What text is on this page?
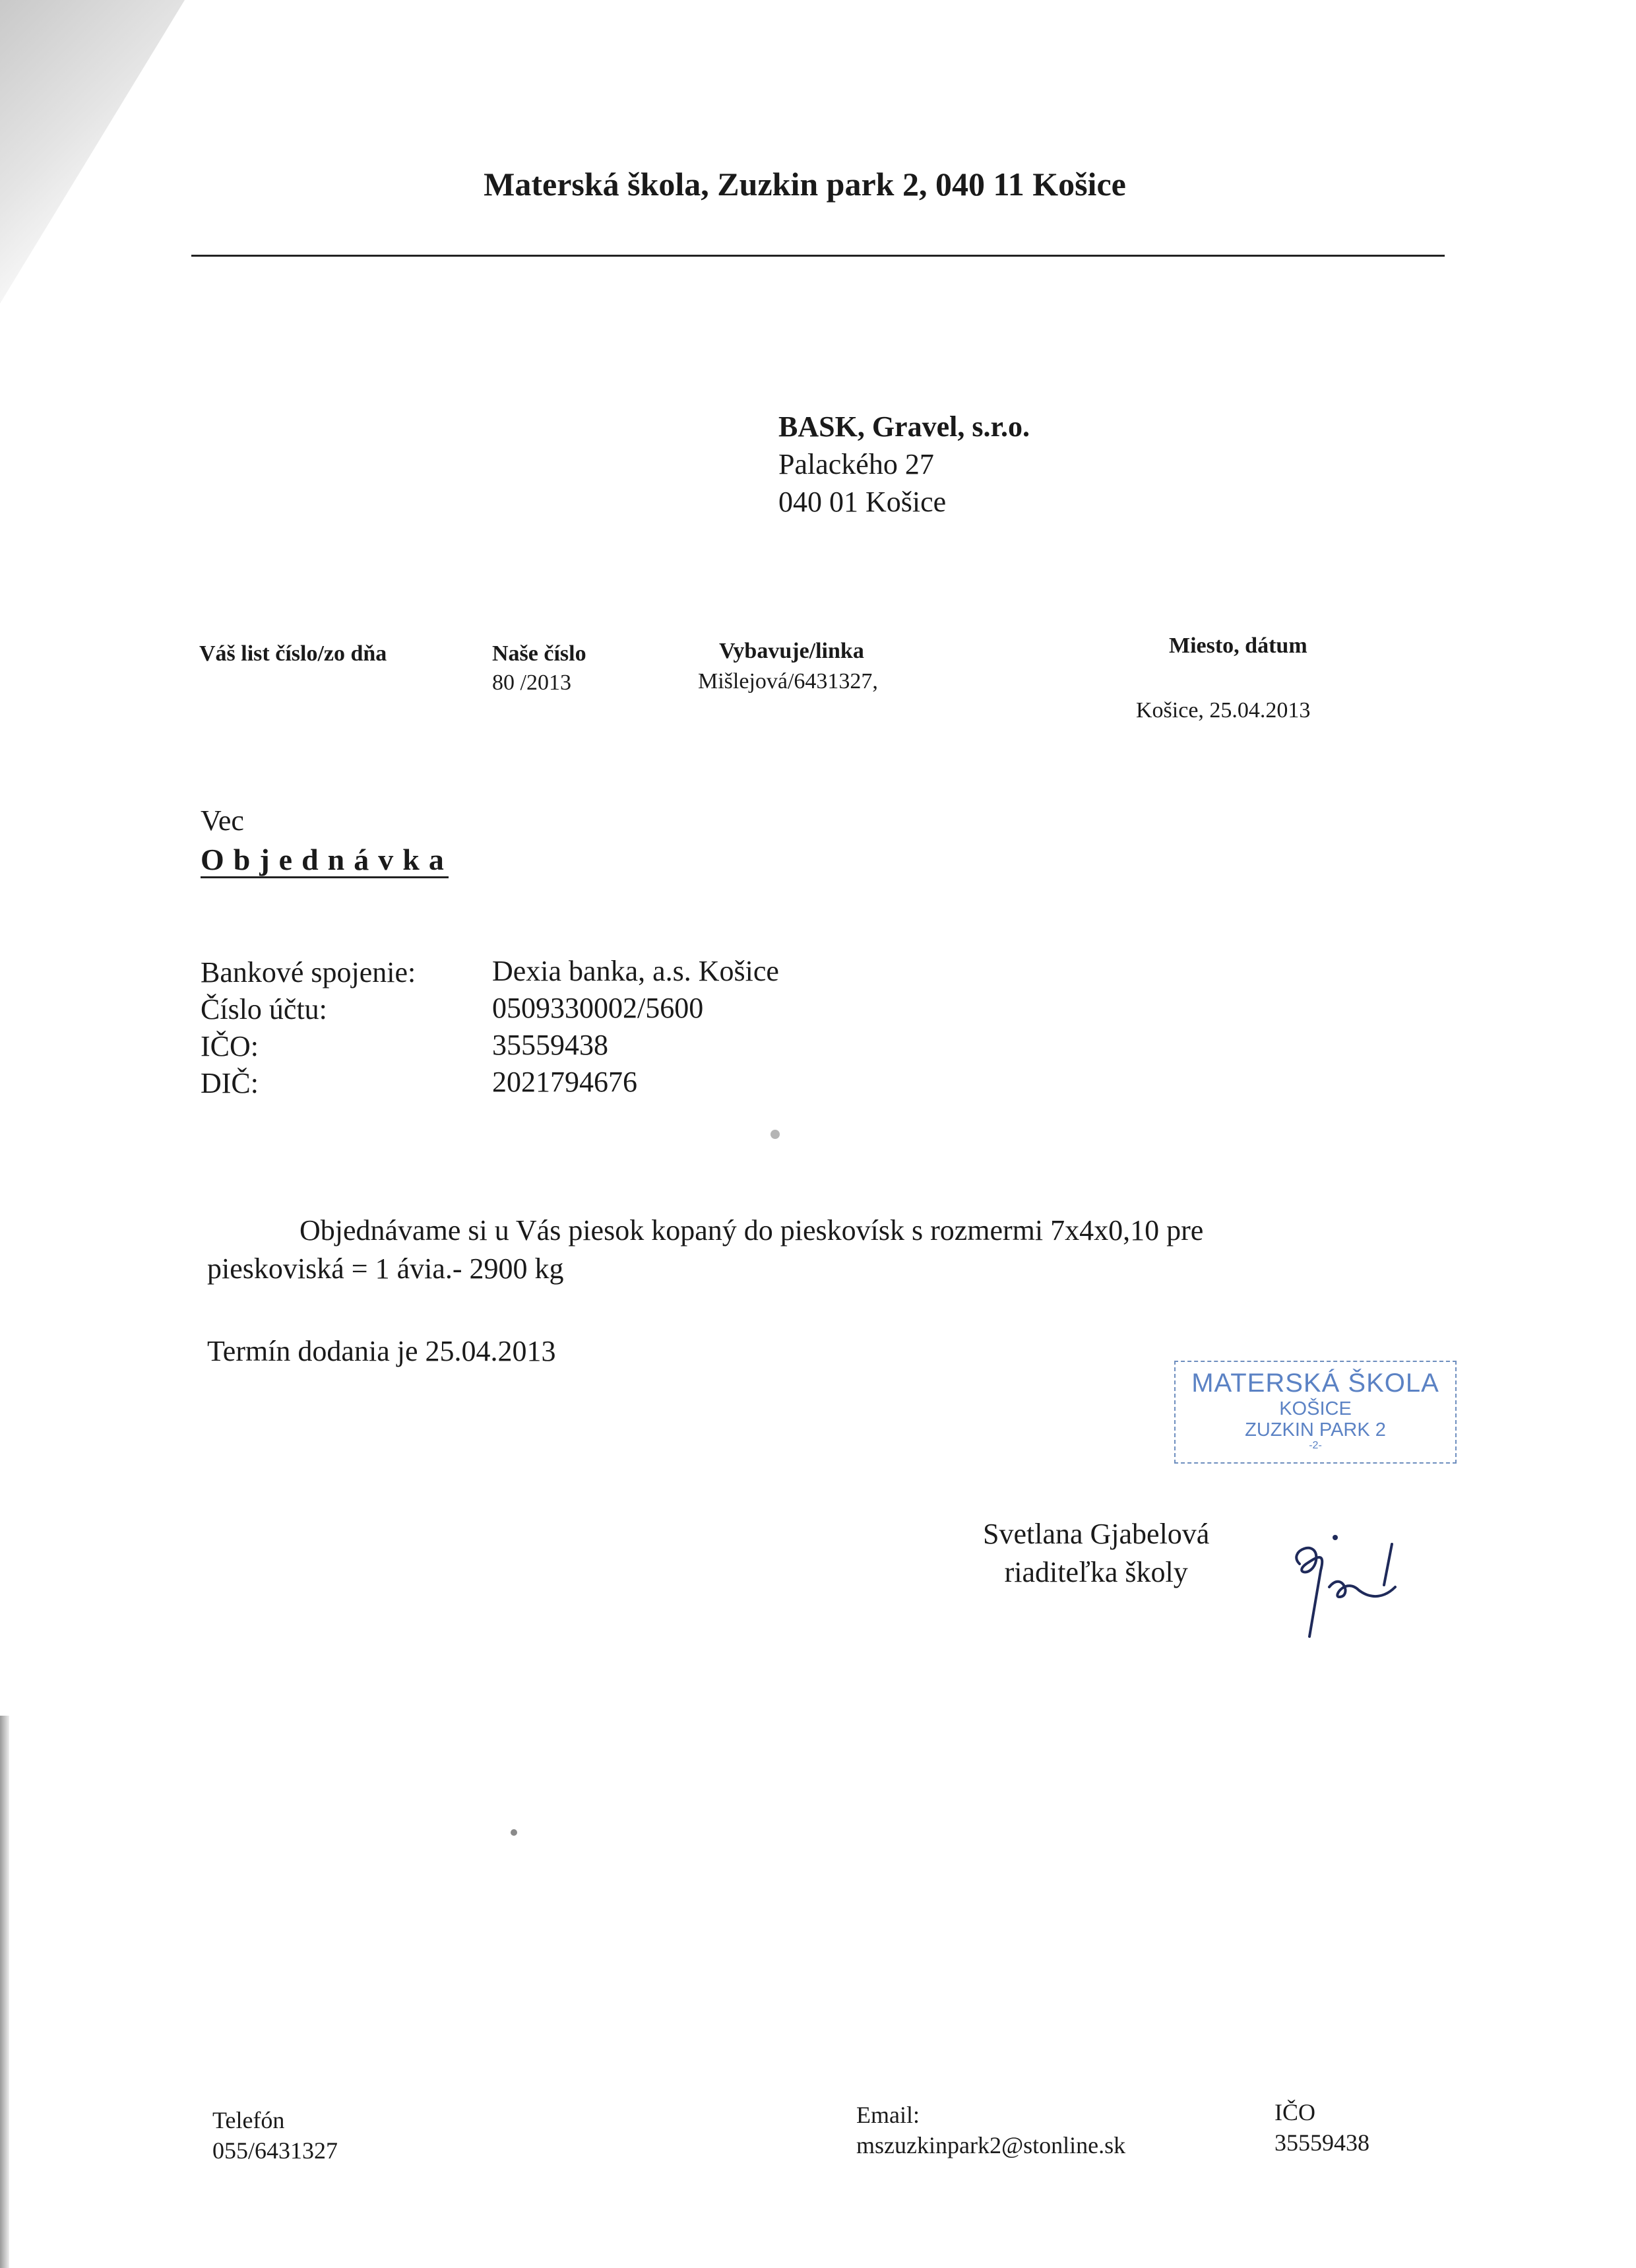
Materská škola, Zuzkin park 2, 040 11 Košice
BASK, Gravel, s.r.o.
Palackého 27
040 01 Košice
Váš list číslo/zo dňa	Naše číslo
80 /2013
Vybavuje/linka
Mišlejová/6431327,
Miesto, dátum
Košice, 25.04.2013
Vec
Objednávka
Bankové spojenie:
Číslo účtu:
IČO:
DIČ:
Dexia banka, a.s. Košice
0509330002/5600
35559438
2021794676

Objednávame si u Vás piesok kopaný do pieskovísk s rozmermi 7x4x0,10 pre

pieskoviská = 1 ávia.- 2900 kg

Termín dodania je 25.04.2013
MATERSKÁ ŠKOLA
KOŠICE
ZUZKIN PARK 2
-2-
Svetlana Gjabelová
riaditeľka školy
Telefón
055/6431327
Email:
mszuzkinpark2@stonline.sk
IČO
35559438
